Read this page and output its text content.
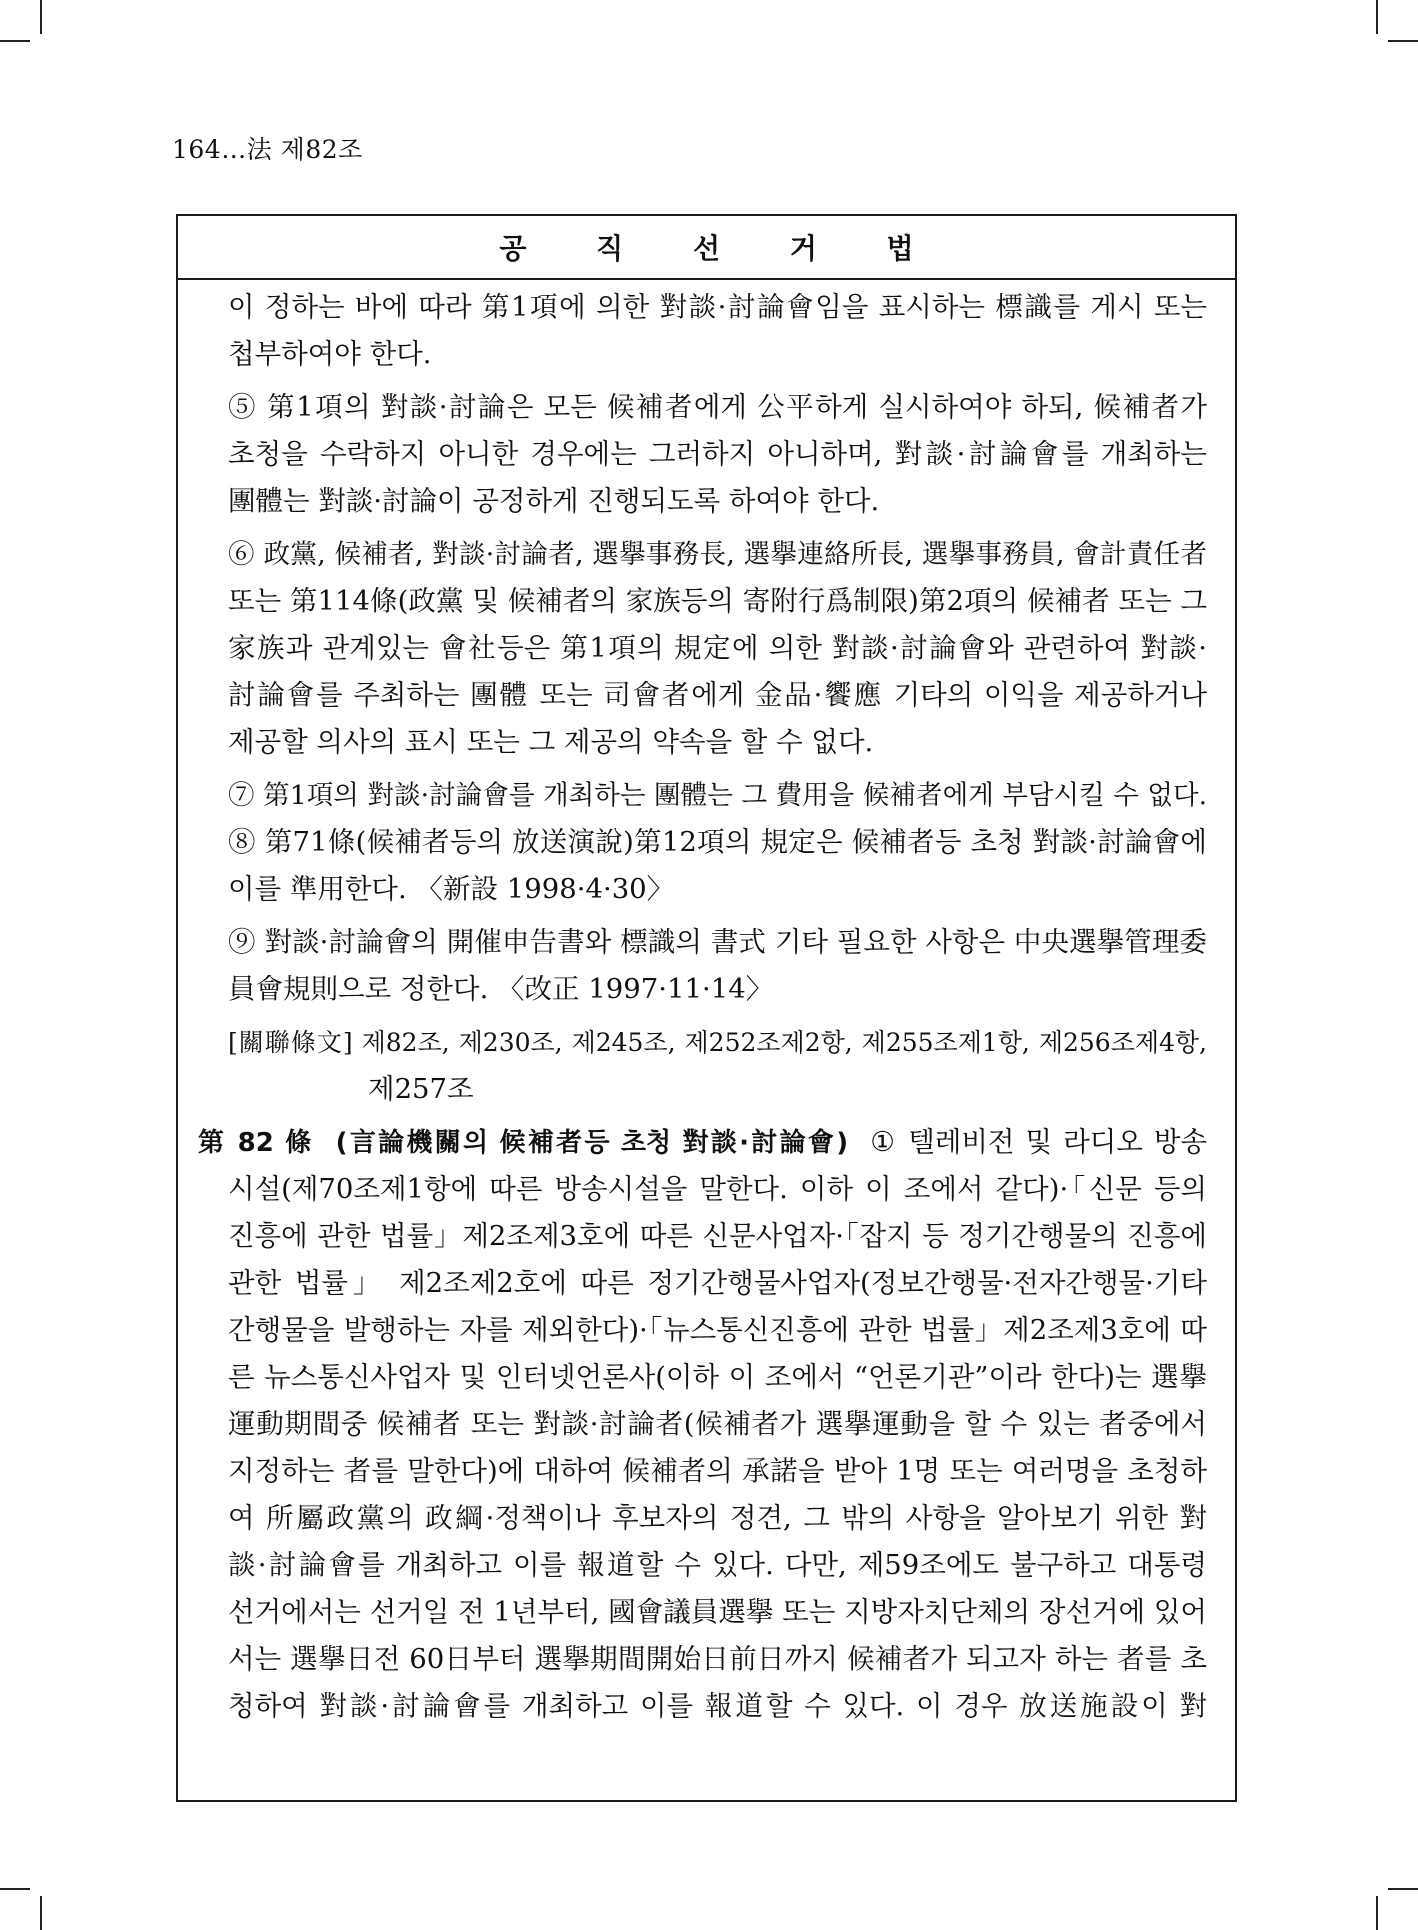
164…法 제82조
공 직 선 거 법
이 정하는 바에 따라 第1項에 의한 對談·討論會임을 표시하는 標識를 게시 또는
첩부하여야 한다.
⑤ 第1項의 對談·討論은 모든 候補者에게 公平하게 실시하여야 하되, 候補者가
초청을 수락하지 아니한 경우에는 그러하지 아니하며, 對談·討論會를 개최하는
團體는 對談·討論이 공정하게 진행되도록 하여야 한다.
⑥ 政黨, 候補者, 對談·討論者, 選擧事務長, 選擧連絡所長, 選擧事務員, 會計責任者
또는 第114條(政黨 및 候補者의 家族등의 寄附行爲制限)第2項의 候補者 또는 그
家族과 관계있는 會社등은 第1項의 規定에 의한 對談·討論會와 관련하여 對談·
討論會를 주최하는 團體 또는 司會者에게 金品·饗應 기타의 이익을 제공하거나
제공할 의사의 표시 또는 그 제공의 약속을 할 수 없다.
⑦ 第1項의 對談·討論會를 개최하는 團體는 그 費用을 候補者에게 부담시킬 수 없다.
⑧ 第71條(候補者등의 放送演說)第12項의 規定은 候補者등 초청 對談·討論會에
이를 準用한다. 〈新設 1998·4·30〉
⑨ 對談·討論會의 開催申告書와 標識의 書式 기타 필요한 사항은 中央選擧管理委
員會規則으로 정한다. 〈改正 1997·11·14〉
[關聯條文] 제82조, 제230조, 제245조, 제252조제2항, 제255조제1항, 제256조제4항,
제257조
第 82 條 (言論機關의 候補者등 초청 對談·討論會) ① 텔레비전 및 라디오 방송
시설(제70조제1항에 따른 방송시설을 말한다. 이하 이 조에서 같다)·「신문 등의
진흥에 관한 법률」제2조제3호에 따른 신문사업자·「잡지 등 정기간행물의 진흥에
관한 법률」 제2조제2호에 따른 정기간행물사업자(정보간행물·전자간행물·기타
간행물을 발행하는 자를 제외한다)·「뉴스통신진흥에 관한 법률」제2조제3호에 따
른 뉴스통신사업자 및 인터넷언론사(이하 이 조에서 “언론기관”이라 한다)는 選擧
運動期間중 候補者 또는 對談·討論者(候補者가 選擧運動을 할 수 있는 者중에서
지정하는 者를 말한다)에 대하여 候補者의 承諾을 받아 1명 또는 여러명을 초청하
여 所屬政黨의 政綱·정책이나 후보자의 정견, 그 밖의 사항을 알아보기 위한 對
談·討論會를 개최하고 이를 報道할 수 있다. 다만, 제59조에도 불구하고 대통령
선거에서는 선거일 전 1년부터, 國會議員選擧 또는 지방자치단체의 장선거에 있어
서는 選擧日전 60日부터 選擧期間開始日前日까지 候補者가 되고자 하는 者를 초
청하여 對談·討論會를 개최하고 이를 報道할 수 있다. 이 경우 放送施設이 對
